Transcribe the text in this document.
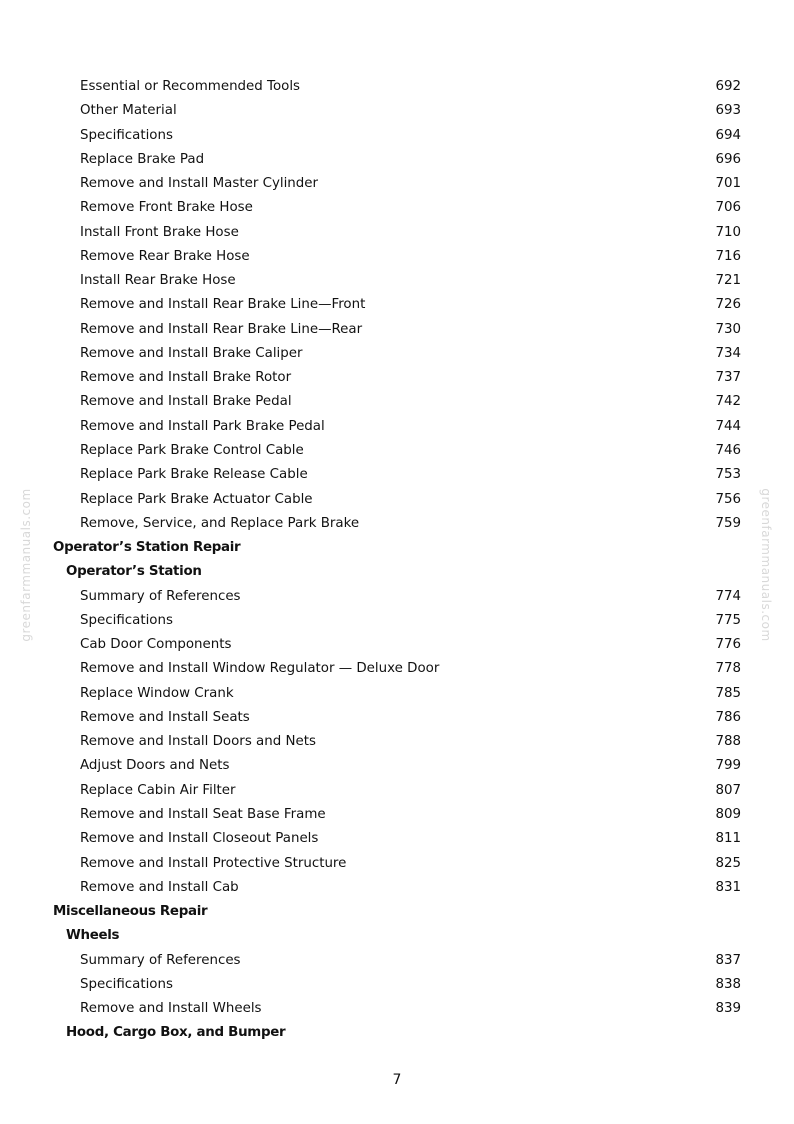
greenfarmmanuals.com	greenfarmmanuals.com
Essential or Recommended Tools	692
Other Material	693
Specifications	694
Replace Brake Pad	696
Remove and Install Master Cylinder	701
Remove Front Brake Hose	706
Install Front Brake Hose	710
Remove Rear Brake Hose	716
Install Rear Brake Hose	721
Remove and Install Rear Brake Line—Front	726
Remove and Install Rear Brake Line—Rear	730
Remove and Install Brake Caliper	734
Remove and Install Brake Rotor	737
Remove and Install Brake Pedal	742
Remove and Install Park Brake Pedal	744
Replace Park Brake Control Cable	746
Replace Park Brake Release Cable	753
Replace Park Brake Actuator Cable	756
Remove, Service, and Replace Park Brake	759
Operator’s Station Repair
Operator’s Station
Summary of References	774
Specifications	775
Cab Door Components	776
Remove and Install Window Regulator — Deluxe Door	778
Replace Window Crank	785
Remove and Install Seats	786
Remove and Install Doors and Nets	788
Adjust Doors and Nets	799
Replace Cabin Air Filter	807
Remove and Install Seat Base Frame	809
Remove and Install Closeout Panels	811
Remove and Install Protective Structure	825
Remove and Install Cab	831
Miscellaneous Repair
Wheels
Summary of References	837
Specifications	838
Remove and Install Wheels	839
Hood, Cargo Box, and Bumper
7
